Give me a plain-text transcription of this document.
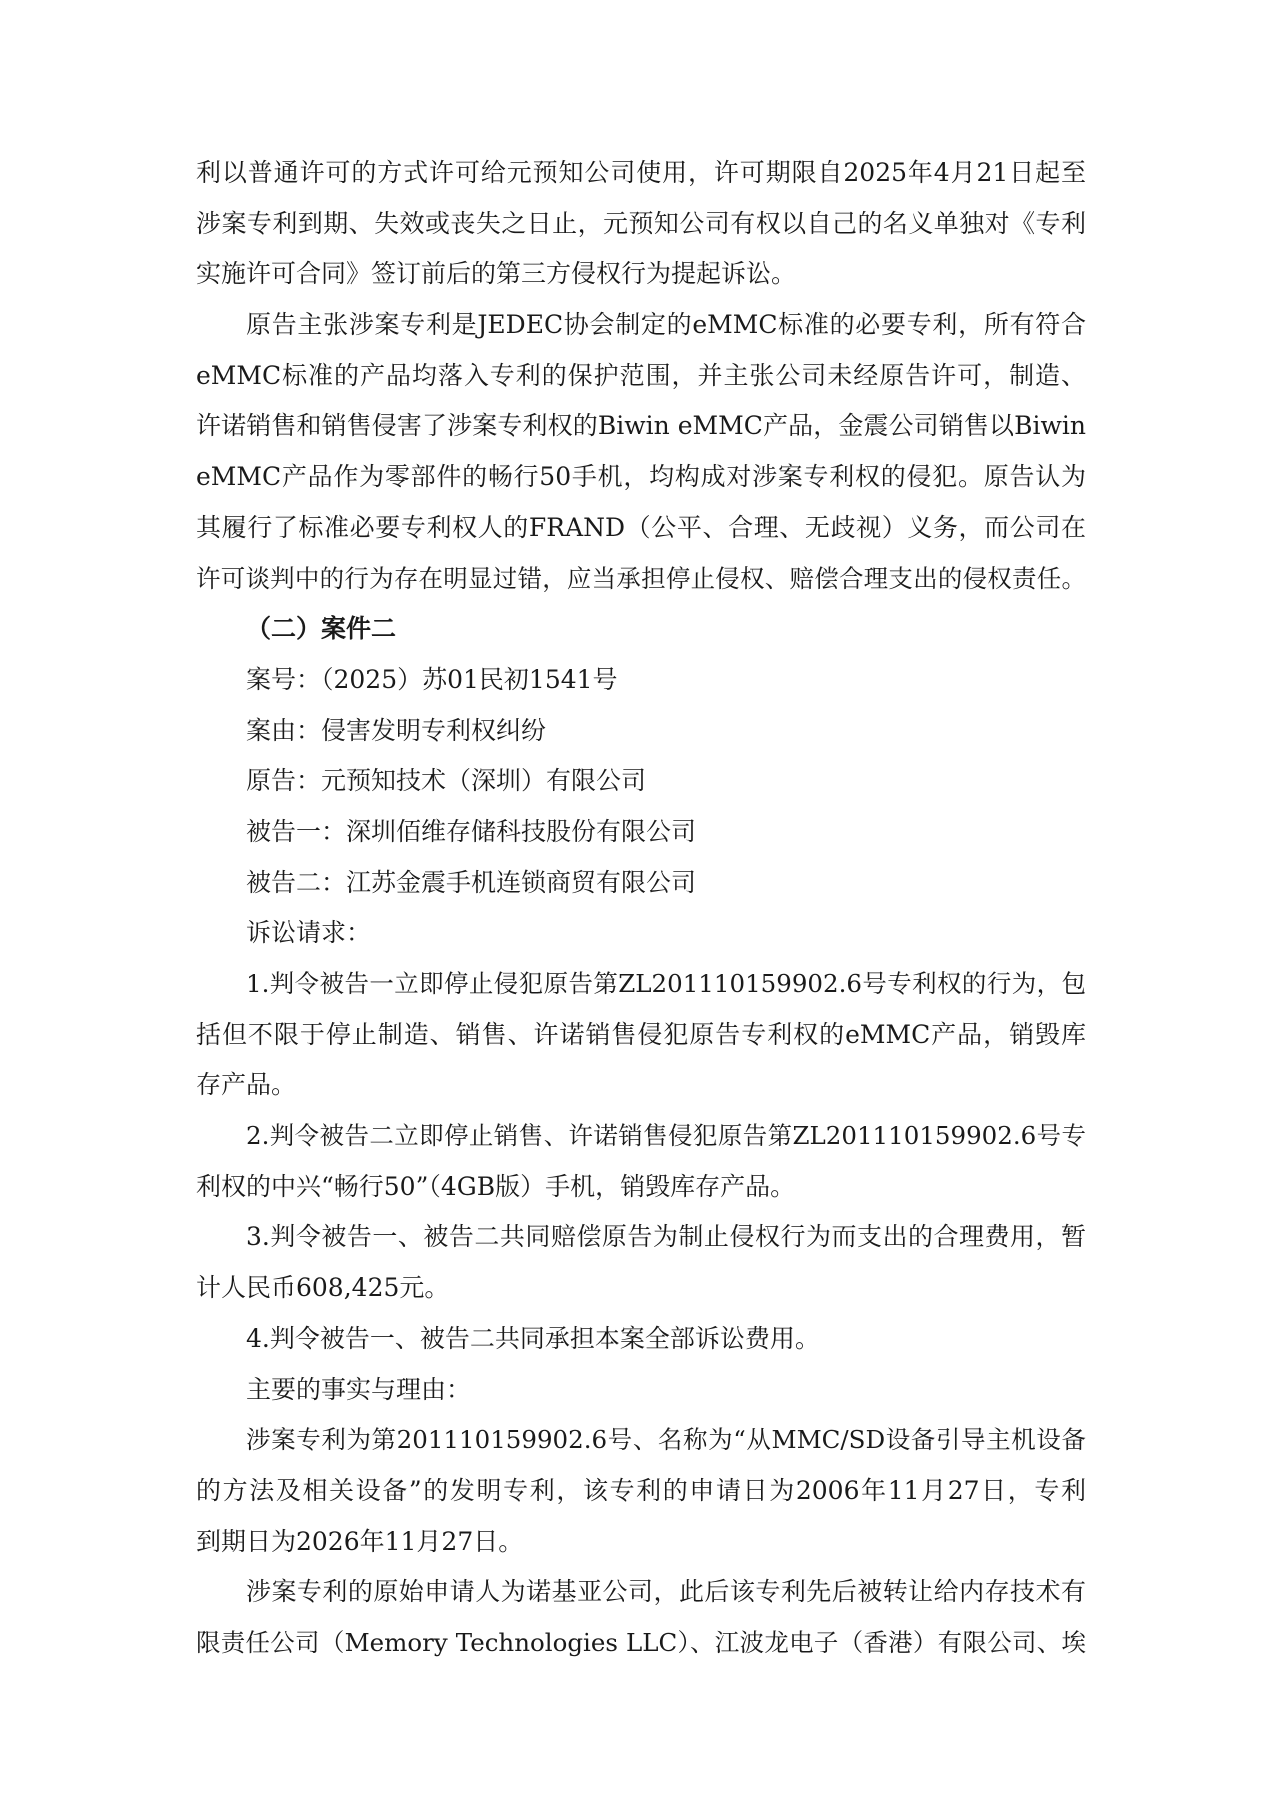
利以普通许可的方式许可给元预知公司使用，许可期限自2025年4月21日起至
涉案专利到期、失效或丧失之日止，元预知公司有权以自己的名义单独对《专利
实施许可合同》签订前后的第三方侵权行为提起诉讼。
原告主张涉案专利是JEDEC协会制定的eMMC标准的必要专利，所有符合
eMMC标准的产品均落入专利的保护范围，并主张公司未经原告许可，制造、
许诺销售和销售侵害了涉案专利权的Biwin eMMC产品，金震公司销售以Biwin
eMMC产品作为零部件的畅行50手机，均构成对涉案专利权的侵犯。原告认为
其履行了标准必要专利权人的FRAND（公平、合理、无歧视）义务，而公司在
许可谈判中的行为存在明显过错，应当承担停止侵权、赔偿合理支出的侵权责任。
（二）案件二
案号：（2025）苏01民初1541号
案由：侵害发明专利权纠纷
原告：元预知技术（深圳）有限公司
被告一：深圳佰维存储科技股份有限公司
被告二：江苏金震手机连锁商贸有限公司
诉讼请求：
1.判令被告一立即停止侵犯原告第ZL201110159902.6号专利权的行为，包
括但不限于停止制造、销售、许诺销售侵犯原告专利权的eMMC产品，销毁库
存产品。
2.判令被告二立即停止销售、许诺销售侵犯原告第ZL201110159902.6号专
利权的中兴“畅行50”（4GB版）手机，销毁库存产品。
3.判令被告一、被告二共同赔偿原告为制止侵权行为而支出的合理费用，暂
计人民币608,425元。
4.判令被告一、被告二共同承担本案全部诉讼费用。
主要的事实与理由：
涉案专利为第201110159902.6号、名称为“从MMC/SD设备引导主机设备
的方法及相关设备”的发明专利，该专利的申请日为2006年11月27日，专利
到期日为2026年11月27日。
涉案专利的原始申请人为诺基亚公司，此后该专利先后被转让给内存技术有
限责任公司（Memory Technologies LLC）、江波龙电子（香港）有限公司、埃
